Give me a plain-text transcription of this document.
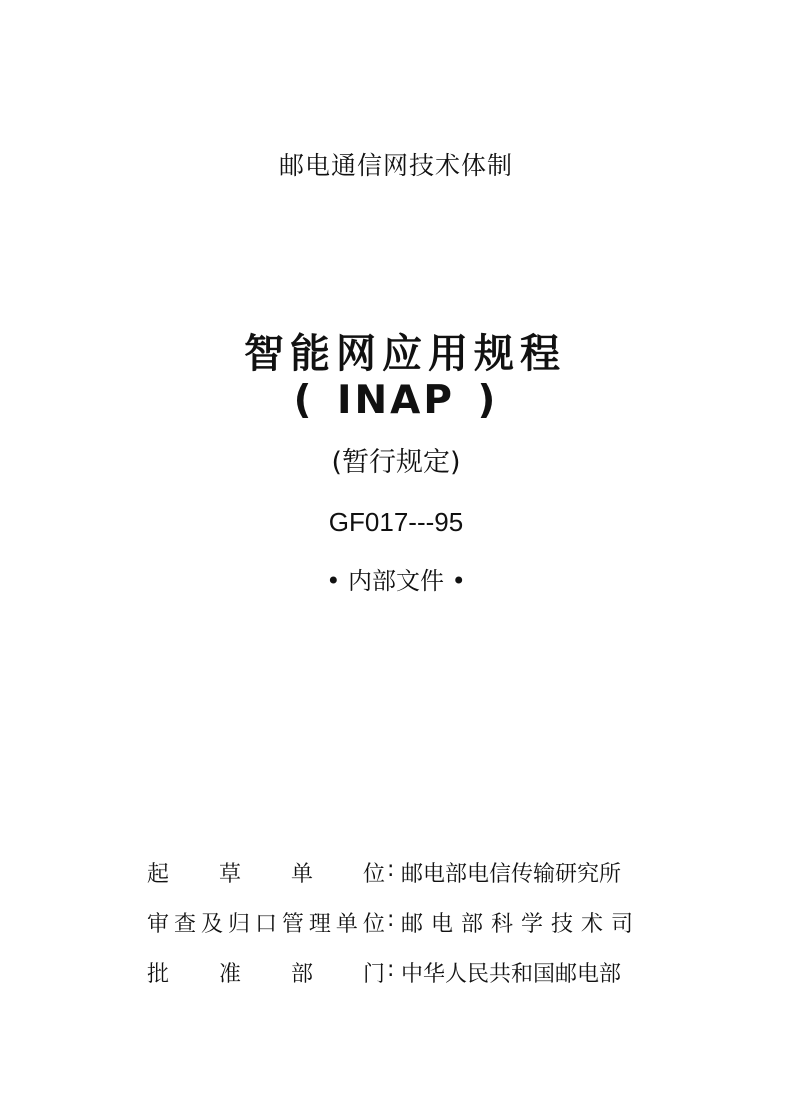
邮电通信网技术体制
智能网应用规程
( INAP )
(暂行规定)
GF017---95
• 内部文件 •
起 草 单 位 : 邮电部电信传输研究所
审 查 及 归 口 管 理 单 位 : 邮电部科学技术司
批 准 部 门 : 中华人民共和国邮电部
